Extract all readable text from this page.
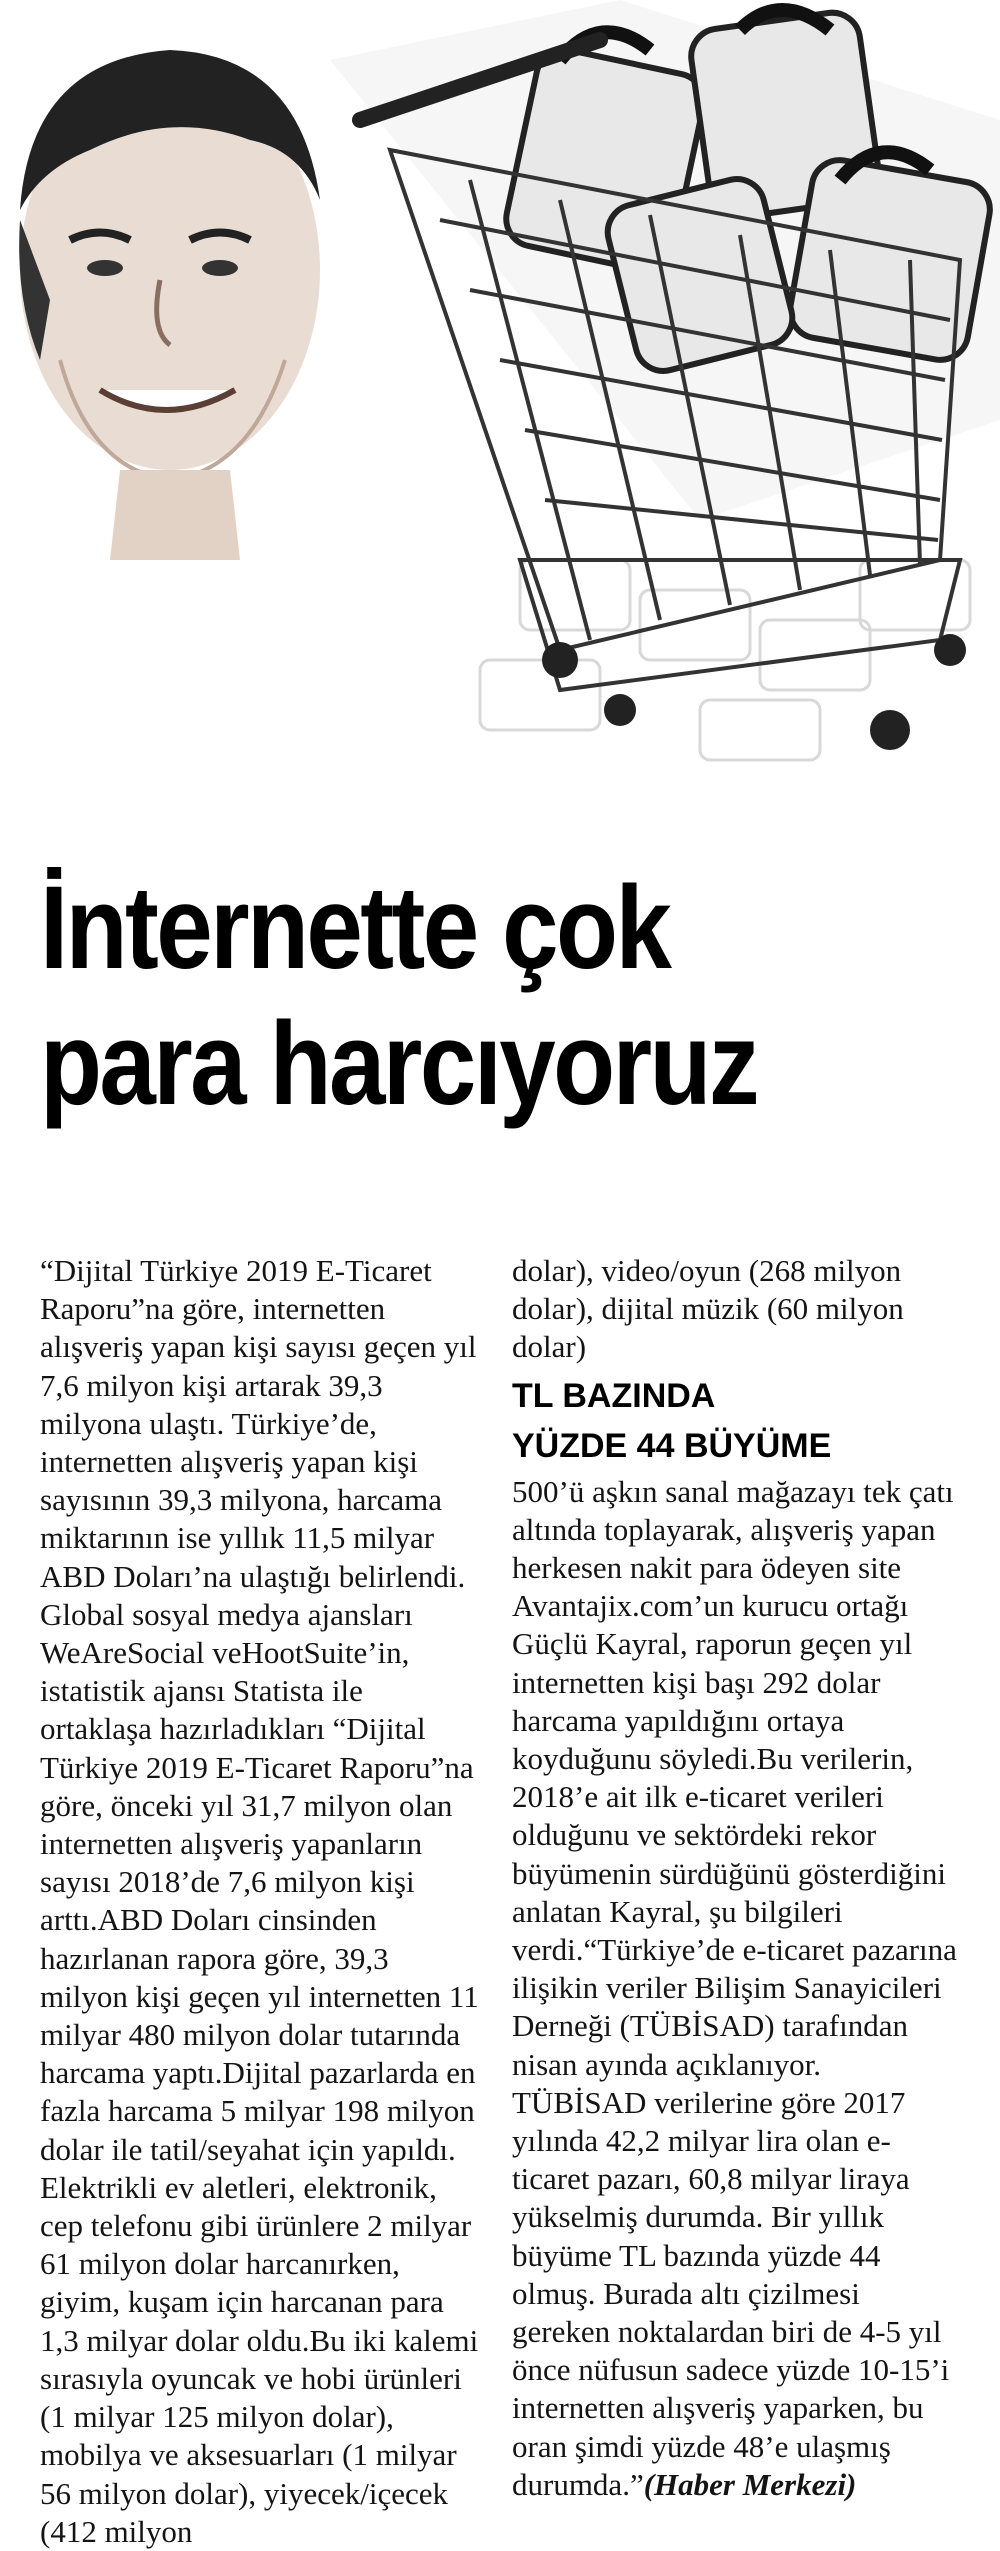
İnternette çok
para harcıyoruz

“Dijital Türkiye 2019 E-Ticaret Raporu”na göre, internetten alışveriş yapan kişi sayısı geçen yıl 7,6 milyon kişi artarak 39,3 milyona ulaştı. Türkiye’de, internetten alışveriş yapan kişi sayısının 39,3 milyona, harcama miktarının ise yıllık 11,5 milyar ABD Doları’na ulaştığı belirlendi. Global sosyal medya ajansları WeAreSocial veHootSuite’in, istatistik ajansı Statista ile ortaklaşa hazırladıkları “Dijital Türkiye 2019 E-Ticaret Raporu”na göre, önceki yıl 31,7 milyon olan internetten alışveriş yapanların sayısı 2018’de 7,6 milyon kişi arttı.ABD Doları cinsinden hazırlanan rapora göre, 39,3 milyon kişi geçen yıl internetten 11 milyar 480 milyon dolar tutarında harcama yaptı.Dijital pazarlarda en fazla harcama 5 milyar 198 milyon dolar ile tatil/seyahat için yapıldı. Elektrikli ev aletleri, elektronik, cep telefonu gibi ürünlere 2 milyar 61 milyon dolar harcanırken, giyim, kuşam için harcanan para 1,3 milyar dolar oldu.Bu iki kalemi sırasıyla oyuncak ve hobi ürünleri (1 milyar 125 milyon dolar), mobilya ve aksesuarları (1 milyar 56 milyon dolar), yiyecek/içecek (412 milyon

dolar), video/oyun (268 milyon dolar), dijital müzik (60 milyon dolar)

TL BAZINDA
YÜZDE 44 BÜYÜME

500’ü aşkın sanal mağazayı tek çatı altında toplayarak, alışveriş yapan herkesen nakit para ödeyen site Avantajix.com’un kurucu ortağı Güçlü Kayral, raporun geçen yıl internetten kişi başı 292 dolar harcama yapıldığını ortaya koyduğunu söyledi.Bu verilerin, 2018’e ait ilk e-ticaret verileri olduğunu ve sektördeki rekor büyümenin sürdüğünü gösterdiğini anlatan Kayral, şu bilgileri verdi.“Türkiye’de e-ticaret pazarına ilişikin veriler Bilişim Sanayicileri Derneği (TÜBİSAD) tarafından nisan ayında açıklanıyor. TÜBİSAD verilerine göre 2017 yılında 42,2 milyar lira olan e-ticaret pazarı, 60,8 milyar liraya yükselmiş durumda. Bir yıllık büyüme TL bazında yüzde 44 olmuş. Burada altı çizilmesi gereken noktalardan biri de 4-5 yıl önce nüfusun sadece yüzde 10-15’i internetten alışveriş yaparken, bu oran şimdi yüzde 48’e ulaşmış durumda.”(Haber Merkezi)
